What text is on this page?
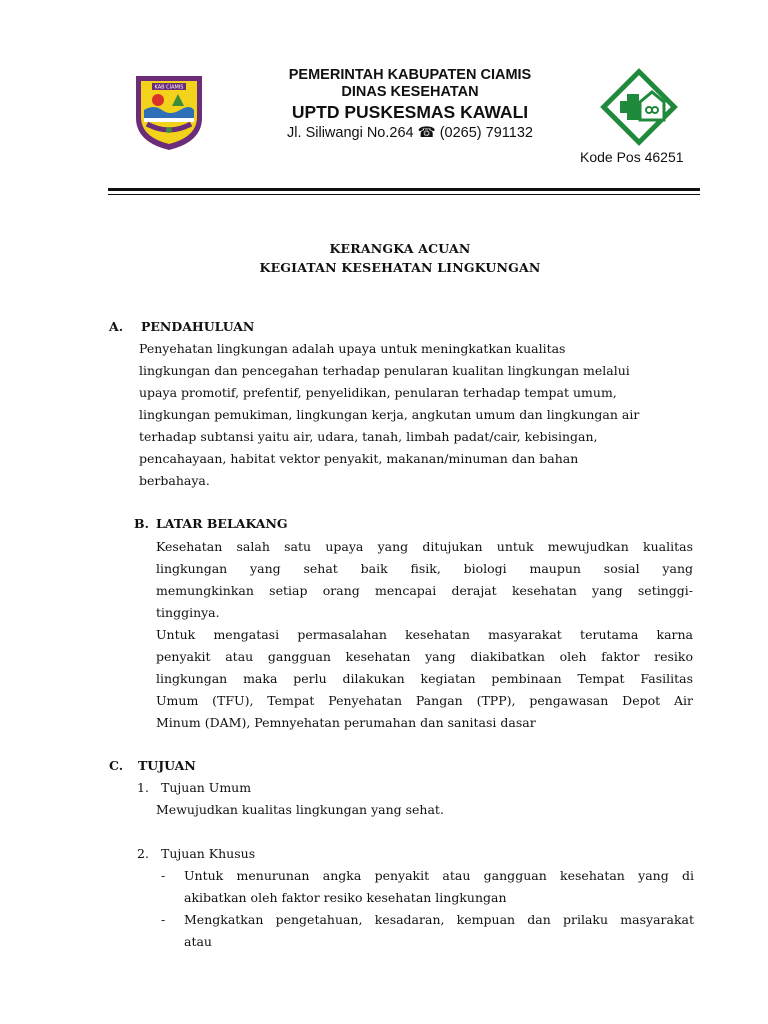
KAB CIAMIS
PEMERINTAH KABUPATEN CIAMIS
DINAS KESEHATAN
UPTD PUSKESMAS KAWALI
Jl. Siliwangi No.264 ☎ (0265) 791132
Kode Pos 46251
KERANGKA ACUAN
KEGIATAN KESEHATAN LINGKUNGAN
A. PENDAHULUAN
Penyehatan lingkungan adalah upaya untuk meningkatkan kualitas
lingkungan dan pencegahan terhadap penularan kualitan lingkungan melalui
upaya promotif, prefentif, penyelidikan, penularan terhadap tempat umum,
lingkungan pemukiman, lingkungan kerja, angkutan umum dan lingkungan air
terhadap subtansi yaitu air, udara, tanah, limbah padat/cair, kebisingan,
pencahayaan, habitat vektor penyakit, makanan/minuman dan bahan
berbahaya.
B. LATAR BELAKANG
Kesehatan salah satu upaya yang ditujukan untuk mewujudkan kualitas
lingkungan yang sehat baik fisik, biologi maupun sosial yang
memungkinkan setiap orang mencapai derajat kesehatan yang setinggi-
tingginya.
Untuk mengatasi permasalahan kesehatan masyarakat terutama karna
penyakit atau gangguan kesehatan yang diakibatkan oleh faktor resiko
lingkungan maka perlu dilakukan kegiatan pembinaan Tempat Fasilitas
Umum (TFU), Tempat Penyehatan Pangan (TPP), pengawasan Depot Air
Minum (DAM), Pemnyehatan perumahan dan sanitasi dasar
C. TUJUAN
1. Tujuan Umum
Mewujudkan kualitas lingkungan yang sehat.
2. Tujuan Khusus
- Untuk menurunan angka penyakit atau gangguan kesehatan yang di
akibatkan oleh faktor resiko kesehatan lingkungan
- Mengkatkan pengetahuan, kesadaran, kempuan dan prilaku masyarakat
atau
